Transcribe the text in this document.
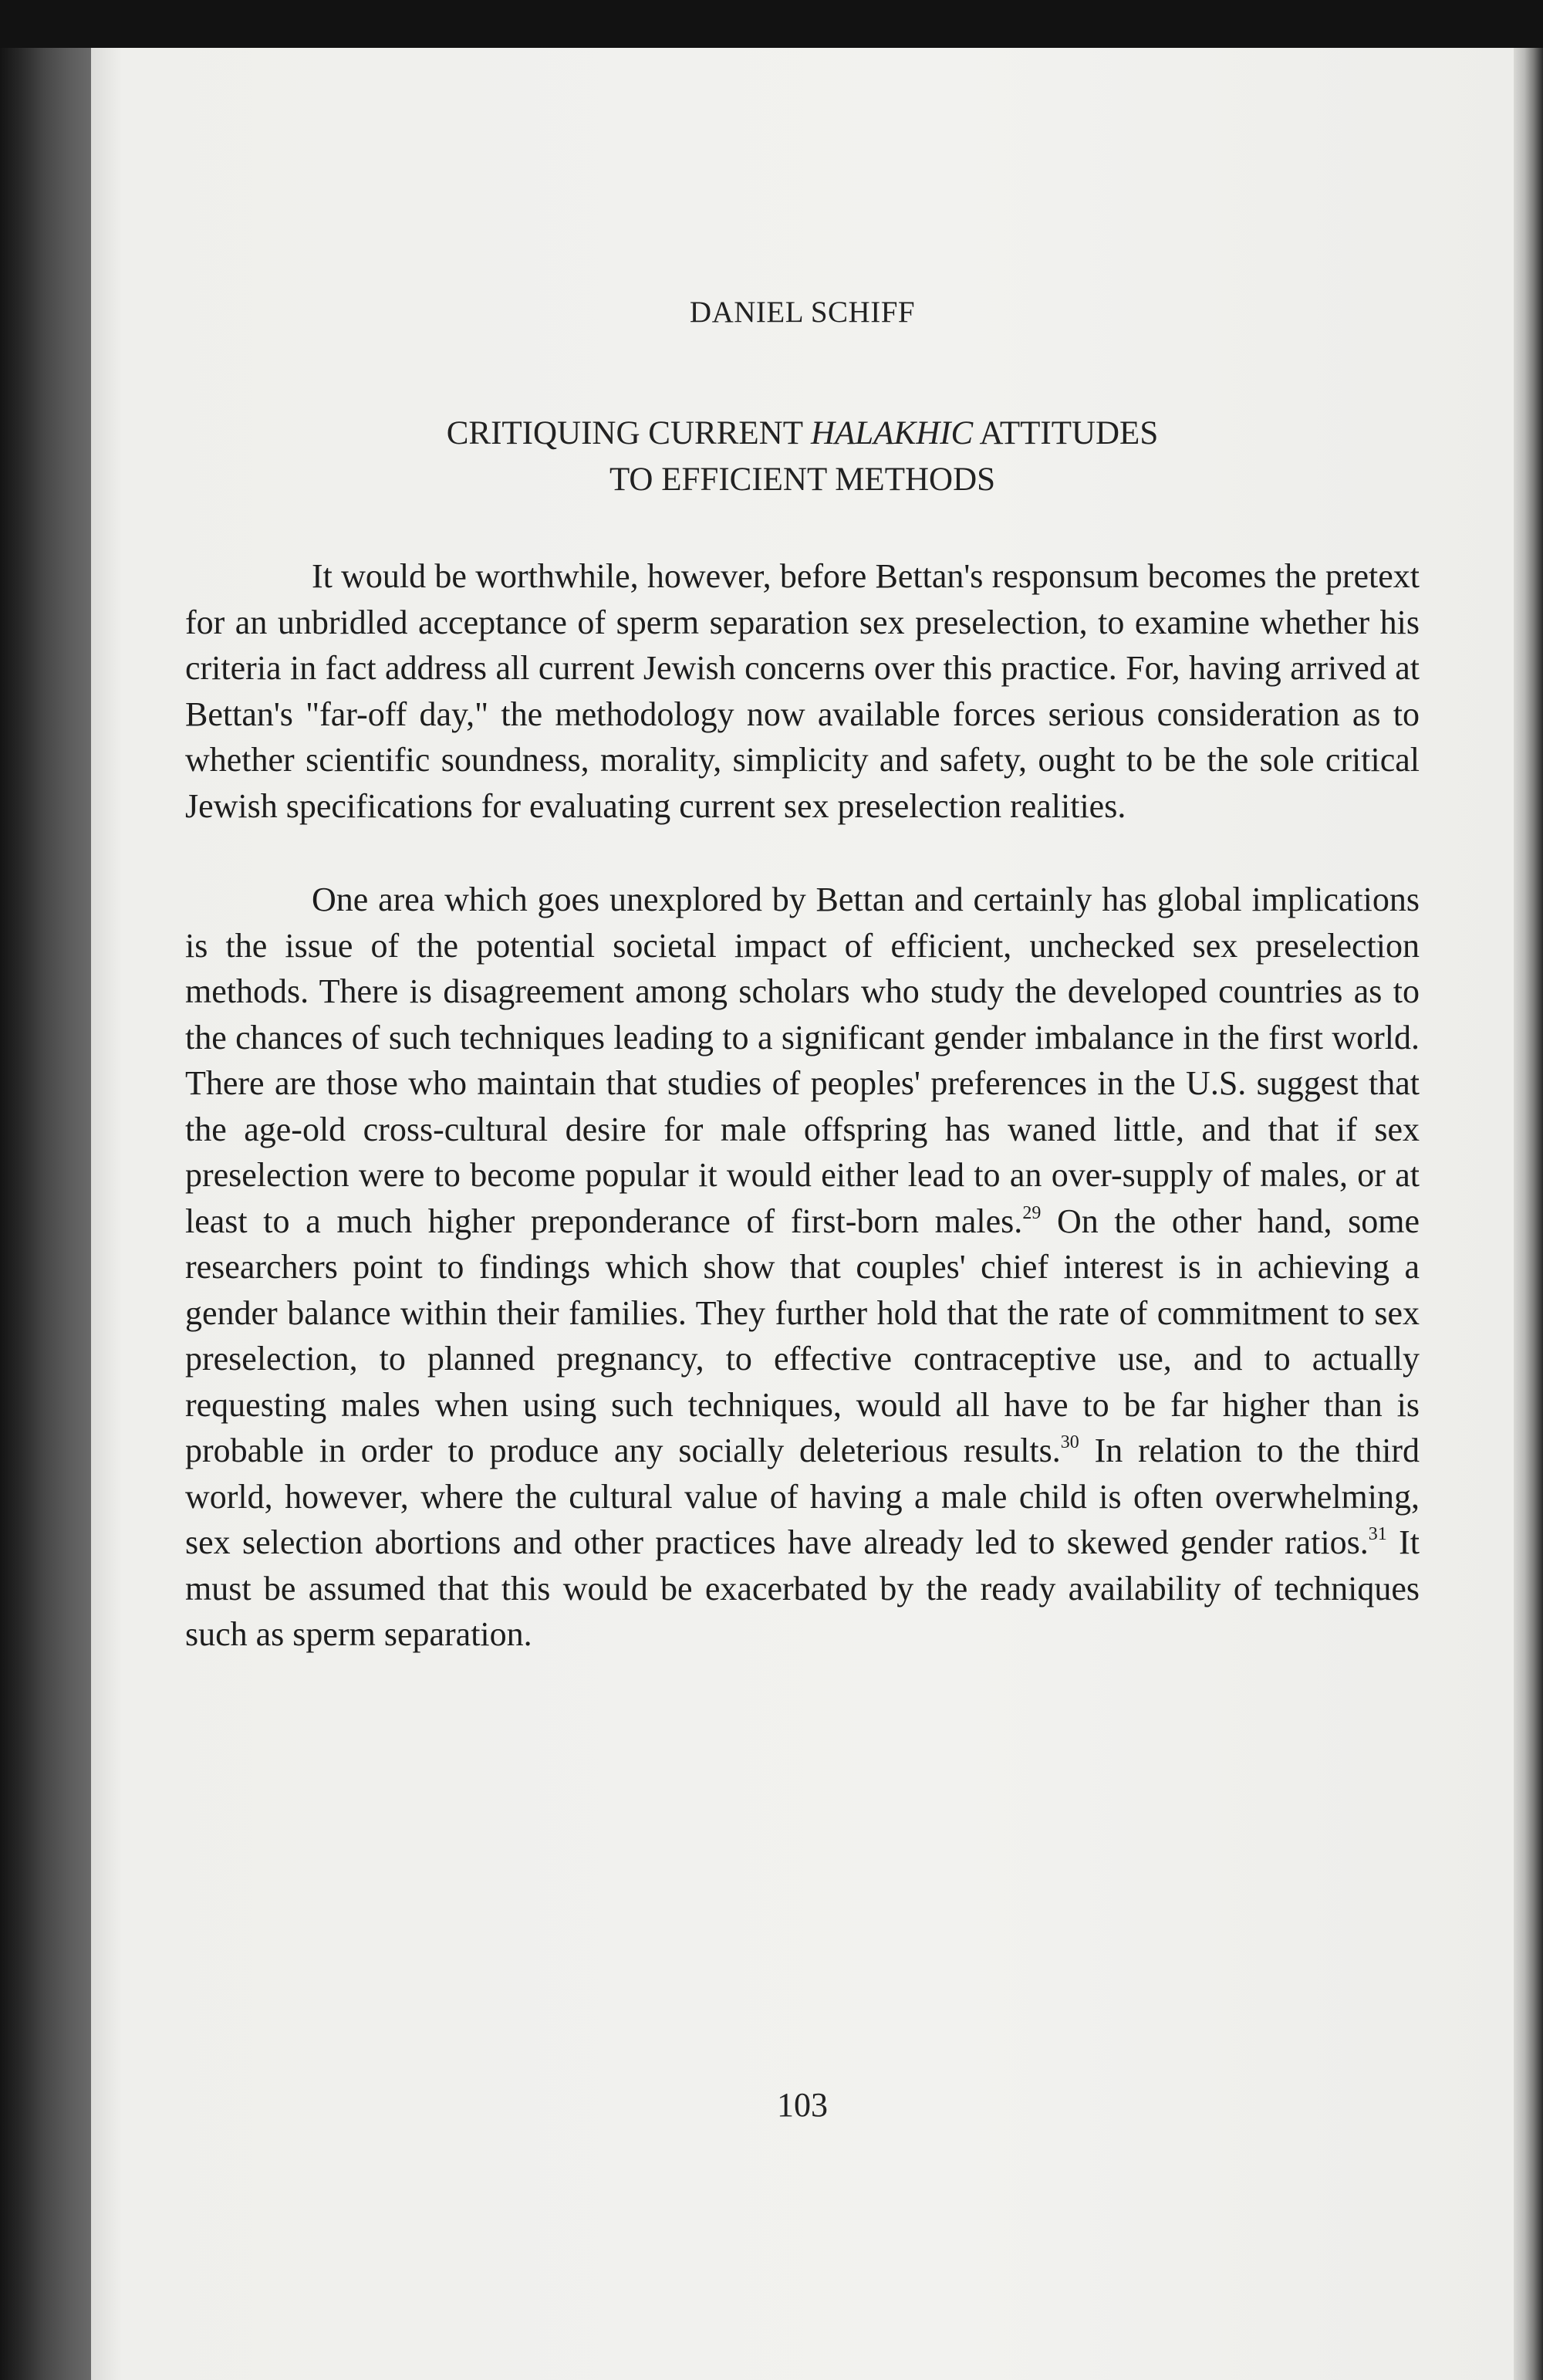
DANIEL SCHIFF
CRITIQUING CURRENT HALAKHIC ATTITUDES
TO EFFICIENT METHODS

It would be worthwhile, however, before Bettan's responsum becomes the pretext for an unbridled acceptance of sperm separation sex preselection, to examine whether his criteria in fact address all current Jewish concerns over this practice. For, having arrived at Bettan's "far-off day," the methodology now available forces serious consideration as to whether scientific soundness, morality, simplicity and safety, ought to be the sole critical Jewish specifications for evaluating current sex preselection realities.

One area which goes unexplored by Bettan and certainly has global implications is the issue of the potential societal impact of efficient, unchecked sex preselection methods. There is disagreement among scholars who study the developed countries as to the chances of such techniques leading to a significant gender imbalance in the first world. There are those who maintain that studies of peoples' preferences in the U.S. suggest that the age-old cross-cultural desire for male offspring has waned little, and that if sex preselection were to become popular it would either lead to an over-supply of males, or at least to a much higher preponderance of first-born males.$^{29}$ On the other hand, some researchers point to findings which show that couples' chief interest is in achieving a gender balance within their families. They further hold that the rate of commitment to sex preselection, to planned pregnancy, to effective contraceptive use, and to actually requesting males when using such techniques, would all have to be far higher than is probable in order to produce any socially deleterious results.$^{30}$ In relation to the third world, however, where the cultural value of having a male child is often overwhelming, sex selection abortions and other practices have already led to skewed gender ratios.$^{31}$ It must be assumed that this would be exacerbated by the ready availability of techniques such as sperm separation.

103
